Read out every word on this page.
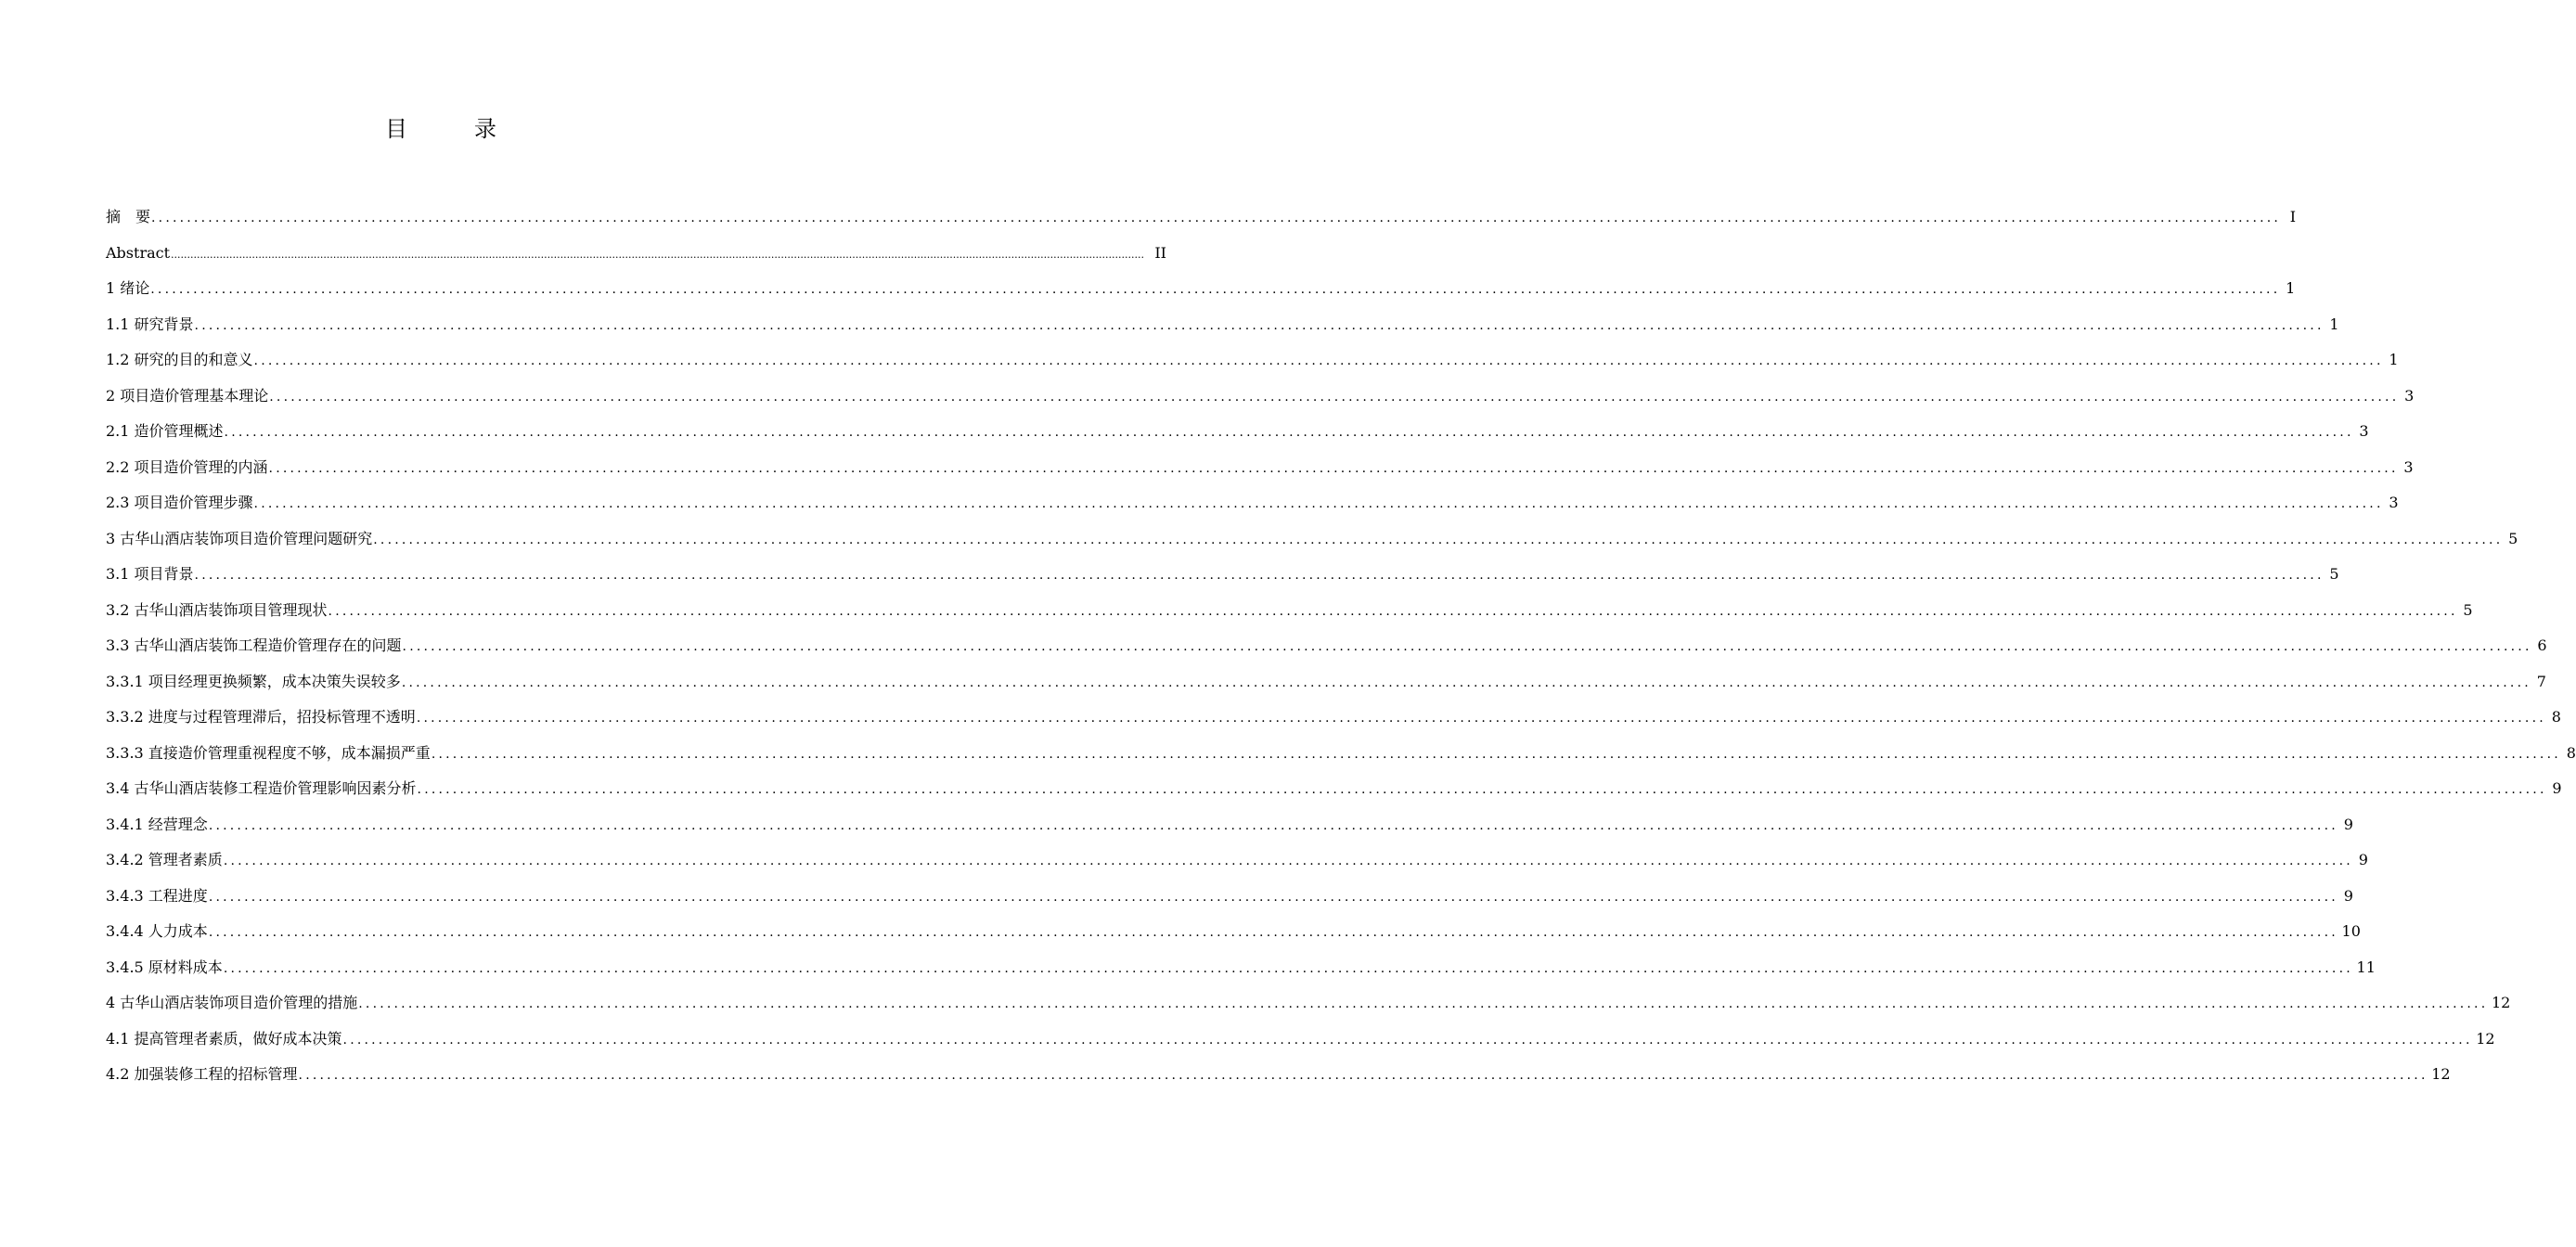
目　录
摘　要 ............................................................................................................................................................................................................................................................................................................ I
Abstract ............................................................................................................................................................................................................................................................................................................ II
1 绪论 ............................................................................................................................................................................................................................................................................................................ 1
1.1 研究背景 ............................................................................................................................................................................................................................................................................................................ 1
1.2 研究的目的和意义 ............................................................................................................................................................................................................................................................................................................ 1
2 项目造价管理基本理论 ............................................................................................................................................................................................................................................................................................................ 3
2.1 造价管理概述 ............................................................................................................................................................................................................................................................................................................ 3
2.2 项目造价管理的内涵 ............................................................................................................................................................................................................................................................................................................ 3
2.3 项目造价管理步骤 ............................................................................................................................................................................................................................................................................................................ 3
3 古华山酒店装饰项目造价管理问题研究 ............................................................................................................................................................................................................................................................................................................ 5
3.1 项目背景 ............................................................................................................................................................................................................................................................................................................ 5
3.2 古华山酒店装饰项目管理现状 ............................................................................................................................................................................................................................................................................................................ 5
3.3 古华山酒店装饰工程造价管理存在的问题 ............................................................................................................................................................................................................................................................................................................ 6
3.3.1 项目经理更换频繁，成本决策失误较多 ............................................................................................................................................................................................................................................................................................................ 7
3.3.2 进度与过程管理滞后，招投标管理不透明 ............................................................................................................................................................................................................................................................................................................ 8
3.3.3 直接造价管理重视程度不够，成本漏损严重 ............................................................................................................................................................................................................................................................................................................ 8
3.4 古华山酒店装修工程造价管理影响因素分析 ............................................................................................................................................................................................................................................................................................................ 9
3.4.1 经营理念 ............................................................................................................................................................................................................................................................................................................ 9
3.4.2 管理者素质 ............................................................................................................................................................................................................................................................................................................ 9
3.4.3 工程进度 ............................................................................................................................................................................................................................................................................................................ 9
3.4.4 人力成本 ............................................................................................................................................................................................................................................................................................................ 10
3.4.5 原材料成本 ............................................................................................................................................................................................................................................................................................................ 11
4 古华山酒店装饰项目造价管理的措施 ............................................................................................................................................................................................................................................................................................................ 12
4.1 提高管理者素质，做好成本决策 ............................................................................................................................................................................................................................................................................................................ 12
4.2 加强装修工程的招标管理 ............................................................................................................................................................................................................................................................................................................ 12
